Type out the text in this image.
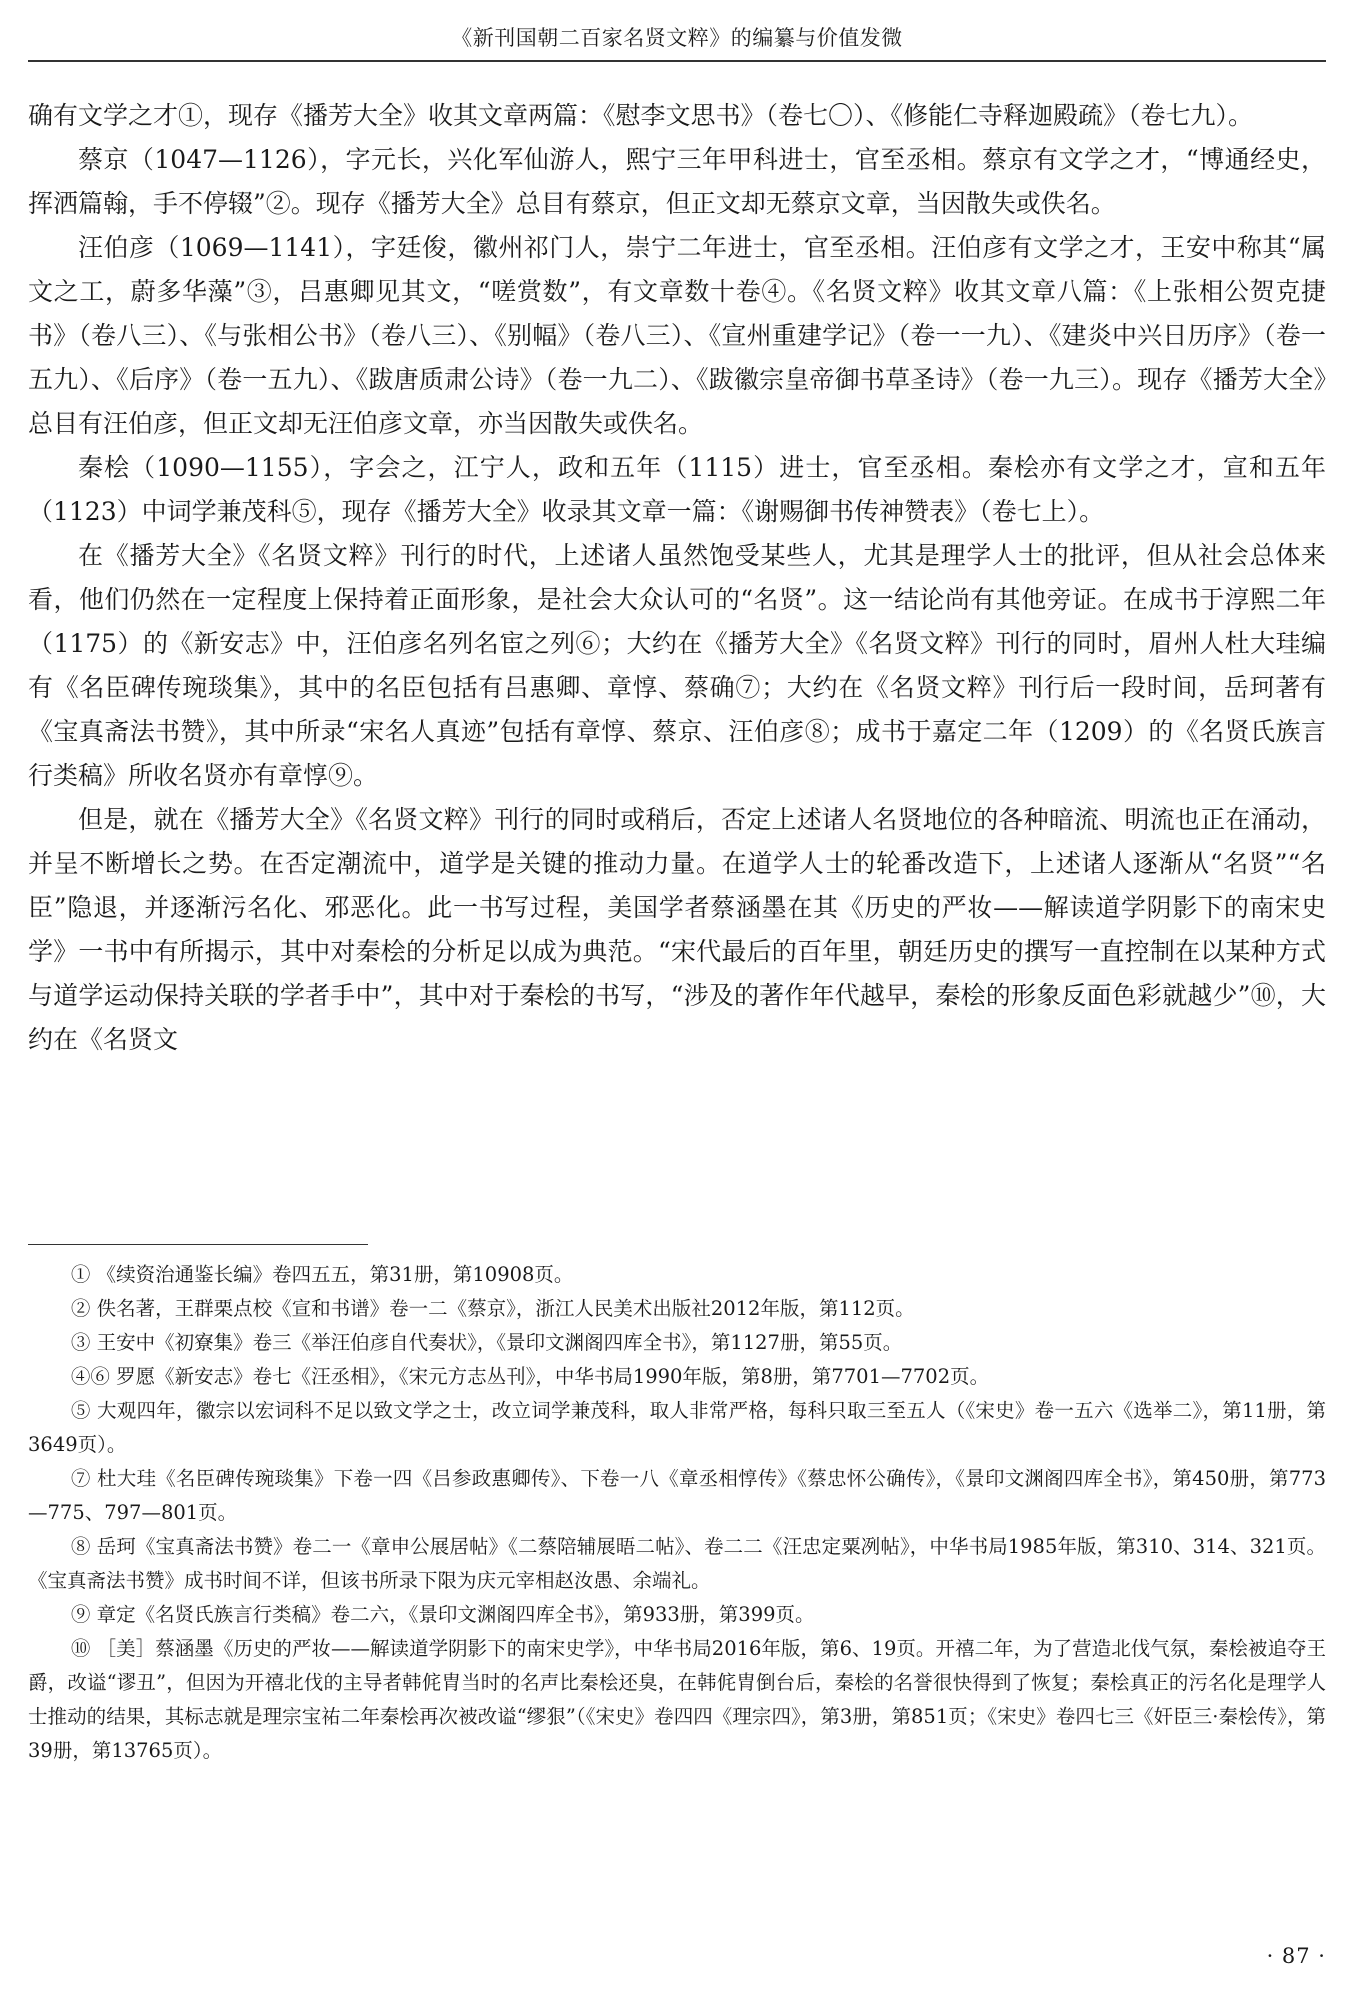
《新刊国朝二百家名贤文粹》的编纂与价值发微

确有文学之才①，现存《播芳大全》收其文章两篇：《慰李文思书》（卷七〇）、《修能仁寺释迦殿疏》（卷七九）。

蔡京（1047—1126），字元长，兴化军仙游人，熙宁三年甲科进士，官至丞相。蔡京有文学之才，“博通经史，挥洒篇翰，手不停辍”②。现存《播芳大全》总目有蔡京，但正文却无蔡京文章，当因散失或佚名。

汪伯彦（1069—1141），字廷俊，徽州祁门人，崇宁二年进士，官至丞相。汪伯彦有文学之才，王安中称其“属文之工，蔚多华藻”③，吕惠卿见其文，“嗟赏数”，有文章数十卷④。《名贤文粹》收其文章八篇：《上张相公贺克捷书》（卷八三）、《与张相公书》（卷八三）、《别幅》（卷八三）、《宣州重建学记》（卷一一九）、《建炎中兴日历序》（卷一五九）、《后序》（卷一五九）、《跋唐质肃公诗》（卷一九二）、《跋徽宗皇帝御书草圣诗》（卷一九三）。现存《播芳大全》总目有汪伯彦，但正文却无汪伯彦文章，亦当因散失或佚名。

秦桧（1090—1155），字会之，江宁人，政和五年（1115）进士，官至丞相。秦桧亦有文学之才，宣和五年（1123）中词学兼茂科⑤，现存《播芳大全》收录其文章一篇：《谢赐御书传神赞表》（卷七上）。

在《播芳大全》《名贤文粹》刊行的时代，上述诸人虽然饱受某些人，尤其是理学人士的批评，但从社会总体来看，他们仍然在一定程度上保持着正面形象，是社会大众认可的“名贤”。这一结论尚有其他旁证。在成书于淳熙二年（1175）的《新安志》中，汪伯彦名列名宦之列⑥；大约在《播芳大全》《名贤文粹》刊行的同时，眉州人杜大珪编有《名臣碑传琬琰集》，其中的名臣包括有吕惠卿、章惇、蔡确⑦；大约在《名贤文粹》刊行后一段时间，岳珂著有《宝真斋法书赞》，其中所录“宋名人真迹”包括有章惇、蔡京、汪伯彦⑧；成书于嘉定二年（1209）的《名贤氏族言行类稿》所收名贤亦有章惇⑨。

但是，就在《播芳大全》《名贤文粹》刊行的同时或稍后，否定上述诸人名贤地位的各种暗流、明流也正在涌动，并呈不断增长之势。在否定潮流中，道学是关键的推动力量。在道学人士的轮番改造下，上述诸人逐渐从“名贤”“名臣”隐退，并逐渐污名化、邪恶化。此一书写过程，美国学者蔡涵墨在其《历史的严妆——解读道学阴影下的南宋史学》一书中有所揭示，其中对秦桧的分析足以成为典范。“宋代最后的百年里，朝廷历史的撰写一直控制在以某种方式与道学运动保持关联的学者手中”，其中对于秦桧的书写，“涉及的著作年代越早，秦桧的形象反面色彩就越少”⑩，大约在《名贤文

① 《续资治通鉴长编》卷四五五，第31册，第10908页。

② 佚名著，王群栗点校《宣和书谱》卷一二《蔡京》，浙江人民美术出版社2012年版，第112页。

③ 王安中《初寮集》卷三《举汪伯彦自代奏状》，《景印文渊阁四库全书》，第1127册，第55页。

④⑥ 罗愿《新安志》卷七《汪丞相》，《宋元方志丛刊》，中华书局1990年版，第8册，第7701—7702页。

⑤ 大观四年，徽宗以宏词科不足以致文学之士，改立词学兼茂科，取人非常严格，每科只取三至五人（《宋史》卷一五六《选举二》，第11册，第3649页）。

⑦ 杜大珪《名臣碑传琬琰集》下卷一四《吕参政惠卿传》、下卷一八《章丞相惇传》《蔡忠怀公确传》，《景印文渊阁四库全书》，第450册，第773—775、797—801页。

⑧ 岳珂《宝真斋法书赞》卷二一《章申公展居帖》《二蔡陪辅展晤二帖》、卷二二《汪忠定粟冽帖》，中华书局1985年版，第310、314、321页。《宝真斋法书赞》成书时间不详，但该书所录下限为庆元宰相赵汝愚、余端礼。

⑨ 章定《名贤氏族言行类稿》卷二六，《景印文渊阁四库全书》，第933册，第399页。

⑩ ［美］蔡涵墨《历史的严妆——解读道学阴影下的南宋史学》，中华书局2016年版，第6、19页。开禧二年，为了营造北伐气氛，秦桧被追夺王爵，改谥“谬丑”，但因为开禧北伐的主导者韩侂胄当时的名声比秦桧还臭，在韩侂胄倒台后，秦桧的名誉很快得到了恢复；秦桧真正的污名化是理学人士推动的结果，其标志就是理宗宝祐二年秦桧再次被改谥“缪狠”（《宋史》卷四四《理宗四》，第3册，第851页；《宋史》卷四七三《奸臣三·秦桧传》，第39册，第13765页）。

· 87 ·
